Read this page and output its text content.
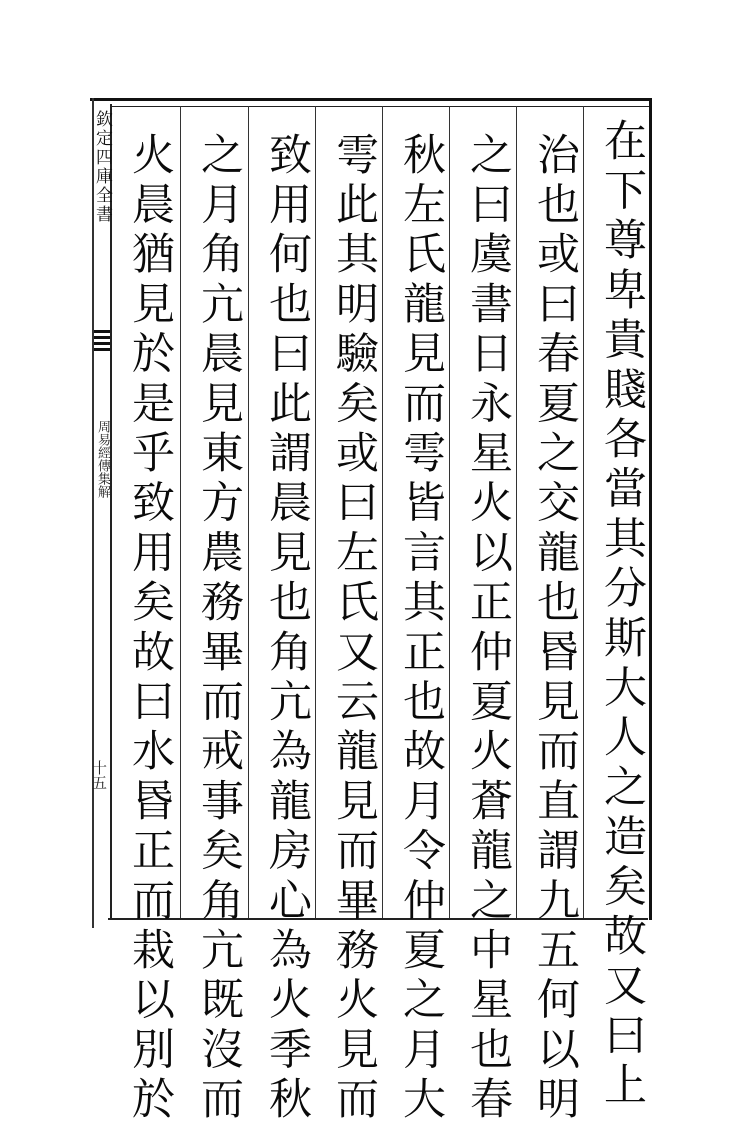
欽定四庫全書
周易經傳集解
十五	在下尊卑貴賤各當其分斯大人之造矣故又曰上
治也或曰春夏之交龍也昬見而直謂九五何以明
之曰虞書日永星火以正仲夏火蒼龍之中星也春
秋左氏龍見而雩皆言其正也故月令仲夏之月大
雩此其明驗矣或曰左氏又云龍見而畢務火見而
致用何也曰此謂晨見也角亢為龍房心為火季秋
之月角亢晨見東方農務畢而戒事矣角亢既沒而
火晨猶見於是乎致用矣故曰水昬正而栽以別於
